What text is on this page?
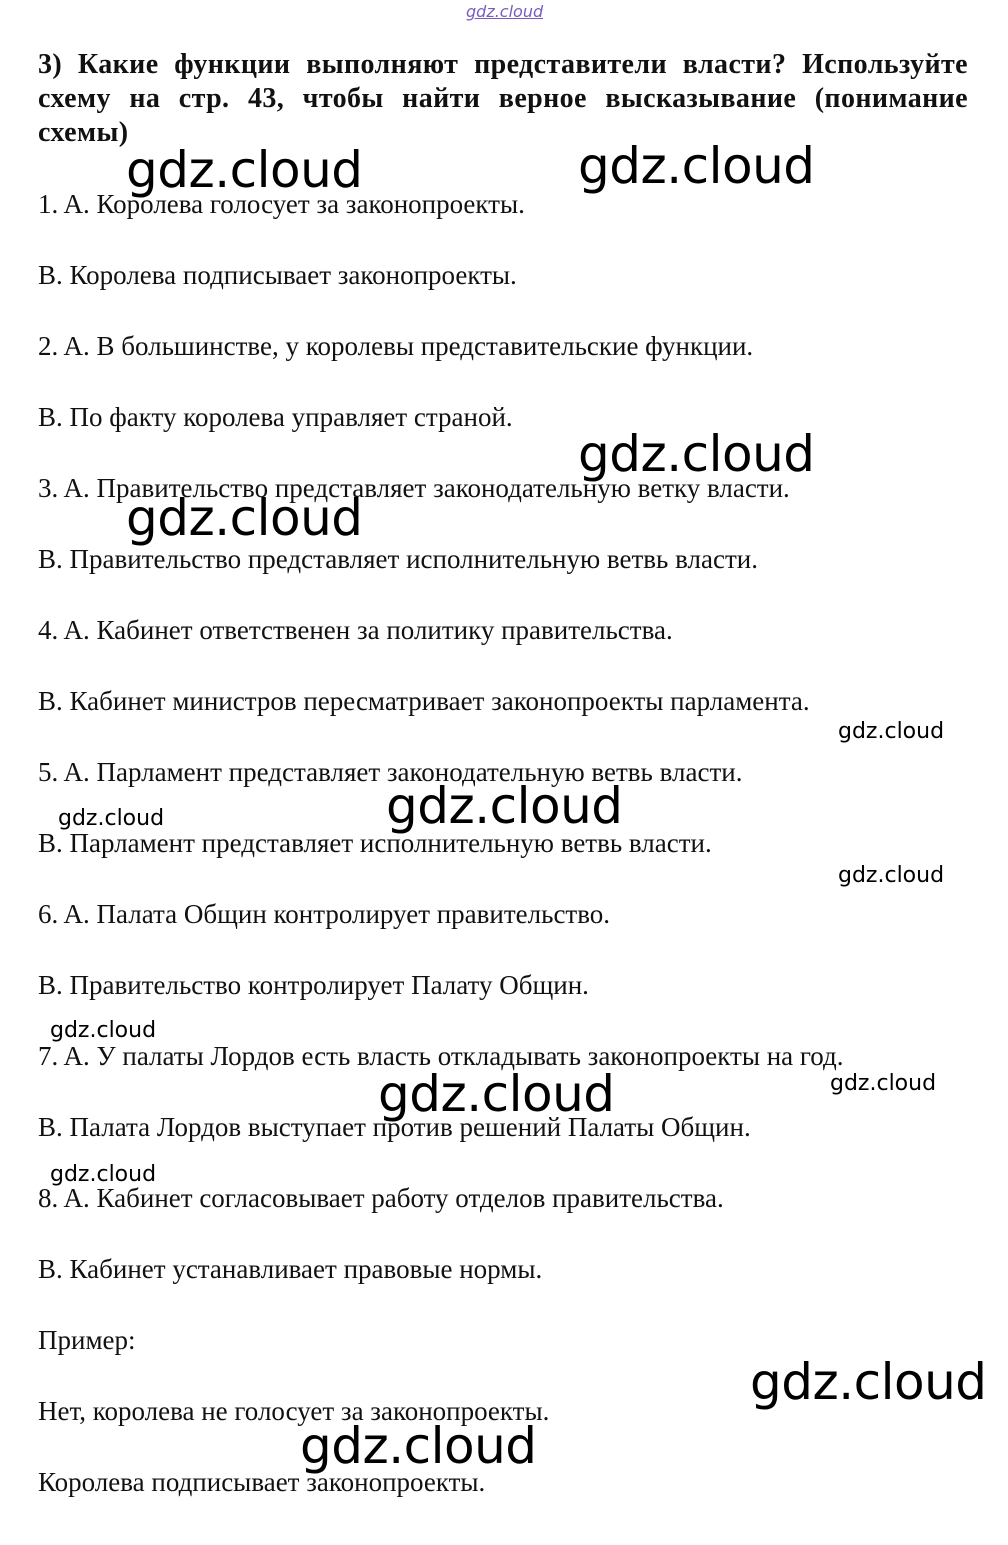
gdz.cloud

3) Какие функции выполняют представители власти? Используйте схему на стр. 43, чтобы найти верное высказывание (понимание схемы)

1. A. Королева голосует за законопроекты.

B. Королева подписывает законопроекты.

2. A. В большинстве, у королевы представительские функции.

B. По факту королева управляет страной.

3. A. Правительство представляет законодательную ветку власти.

B. Правительство представляет исполнительную ветвь власти.

4. A. Кабинет ответственен за политику правительства.

B. Кабинет министров пересматривает законопроекты парламента.

5. A. Парламент представляет законодательную ветвь власти.

B. Парламент представляет исполнительную ветвь власти.

6. A. Палата Общин контролирует правительство.

B. Правительство контролирует Палату Общин.

7. A. У палаты Лордов есть власть откладывать законопроекты на год.

B. Палата Лордов выступает против решений Палаты Общин.

8. A. Кабинет согласовывает работу отделов правительства.

B. Кабинет устанавливает правовые нормы.

Пример:

Нет, королева не голосует за законопроекты.

Королева подписывает законопроекты.

gdz.cloud	gdz.cloud
gdz.cloud
gdz.cloud
gdz.cloud
gdz.cloud
gdz.cloud
gdz.cloud
gdz.cloud
gdz.cloud	gdz.cloud
gdz.cloud
gdz.cloud
gdz.cloud
